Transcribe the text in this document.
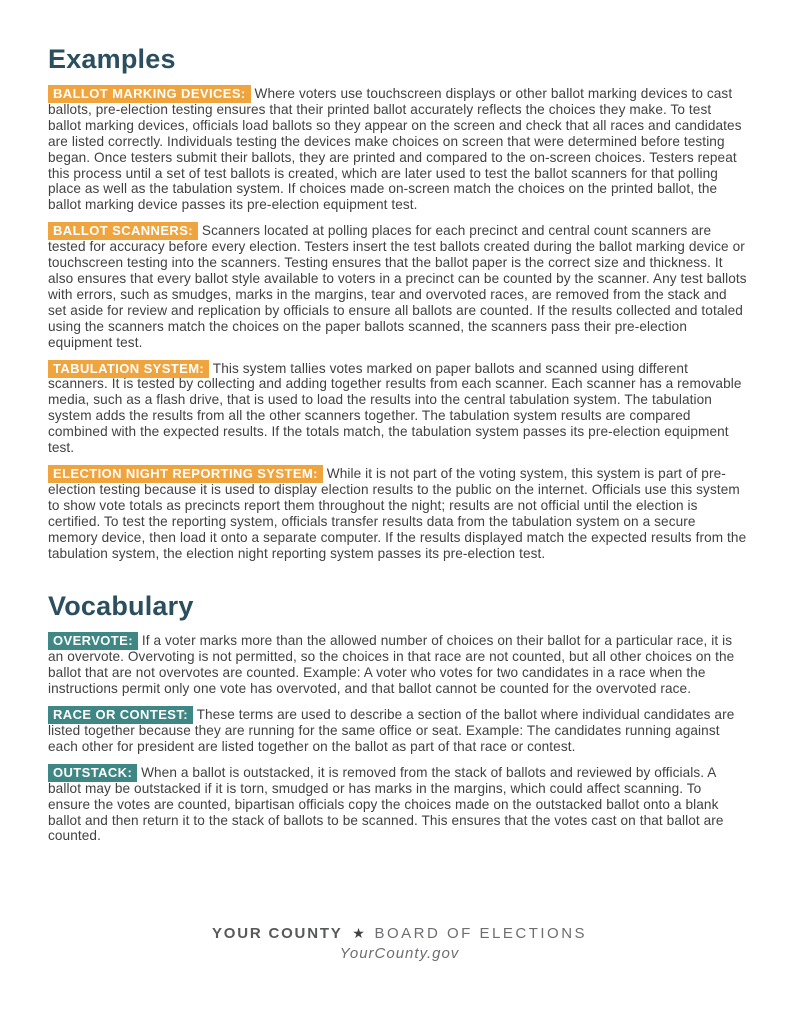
Examples

BALLOT MARKING DEVICES: Where voters use touchscreen displays or other ballot marking devices to cast ballots, pre-election testing ensures that their printed ballot accurately reflects the choices they make. To test ballot marking devices, officials load ballots so they appear on the screen and check that all races and candidates are listed correctly. Individuals testing the devices make choices on screen that were determined before testing began. Once testers submit their ballots, they are printed and compared to the on-screen choices. Testers repeat this process until a set of test ballots is created, which are later used to test the ballot scanners for that polling place as well as the tabulation system. If choices made on-screen match the choices on the printed ballot, the ballot marking device passes its pre-election equipment test.

BALLOT SCANNERS: Scanners located at polling places for each precinct and central count scanners are tested for accuracy before every election. Testers insert the test ballots created during the ballot marking device or touchscreen testing into the scanners. Testing ensures that the ballot paper is the correct size and thickness. It also ensures that every ballot style available to voters in a precinct can be counted by the scanner. Any test ballots with errors, such as smudges, marks in the margins, tear and overvoted races, are removed from the stack and set aside for review and replication by officials to ensure all ballots are counted. If the results collected and totaled using the scanners match the choices on the paper ballots scanned, the scanners pass their pre-election equipment test.

TABULATION SYSTEM: This system tallies votes marked on paper ballots and scanned using different scanners. It is tested by collecting and adding together results from each scanner. Each scanner has a removable media, such as a flash drive, that is used to load the results into the central tabulation system. The tabulation system adds the results from all the other scanners together. The tabulation system results are compared combined with the expected results. If the totals match, the tabulation system passes its pre-election equipment test.

ELECTION NIGHT REPORTING SYSTEM: While it is not part of the voting system, this system is part of pre-election testing because it is used to display election results to the public on the internet. Officials use this system to show vote totals as precincts report them throughout the night; results are not official until the election is certified. To test the reporting system, officials transfer results data from the tabulation system on a secure memory device, then load it onto a separate computer. If the results displayed match the expected results from the tabulation system, the election night reporting system passes its pre-election test.

Vocabulary

OVERVOTE: If a voter marks more than the allowed number of choices on their ballot for a particular race, it is an overvote. Overvoting is not permitted, so the choices in that race are not counted, but all other choices on the ballot that are not overvotes are counted. Example: A voter who votes for two candidates in a race when the instructions permit only one vote has overvoted, and that ballot cannot be counted for the overvoted race.

RACE OR CONTEST: These terms are used to describe a section of the ballot where individual candidates are listed together because they are running for the same office or seat. Example: The candidates running against each other for president are listed together on the ballot as part of that race or contest.

OUTSTACK: When a ballot is outstacked, it is removed from the stack of ballots and reviewed by officials. A ballot may be outstacked if it is torn, smudged or has marks in the margins, which could affect scanning. To ensure the votes are counted, bipartisan officials copy the choices made on the outstacked ballot onto a blank ballot and then return it to the stack of ballots to be scanned. This ensures that the votes cast on that ballot are counted.

YOUR COUNTY ★ BOARD OF ELECTIONS
YourCounty.gov
